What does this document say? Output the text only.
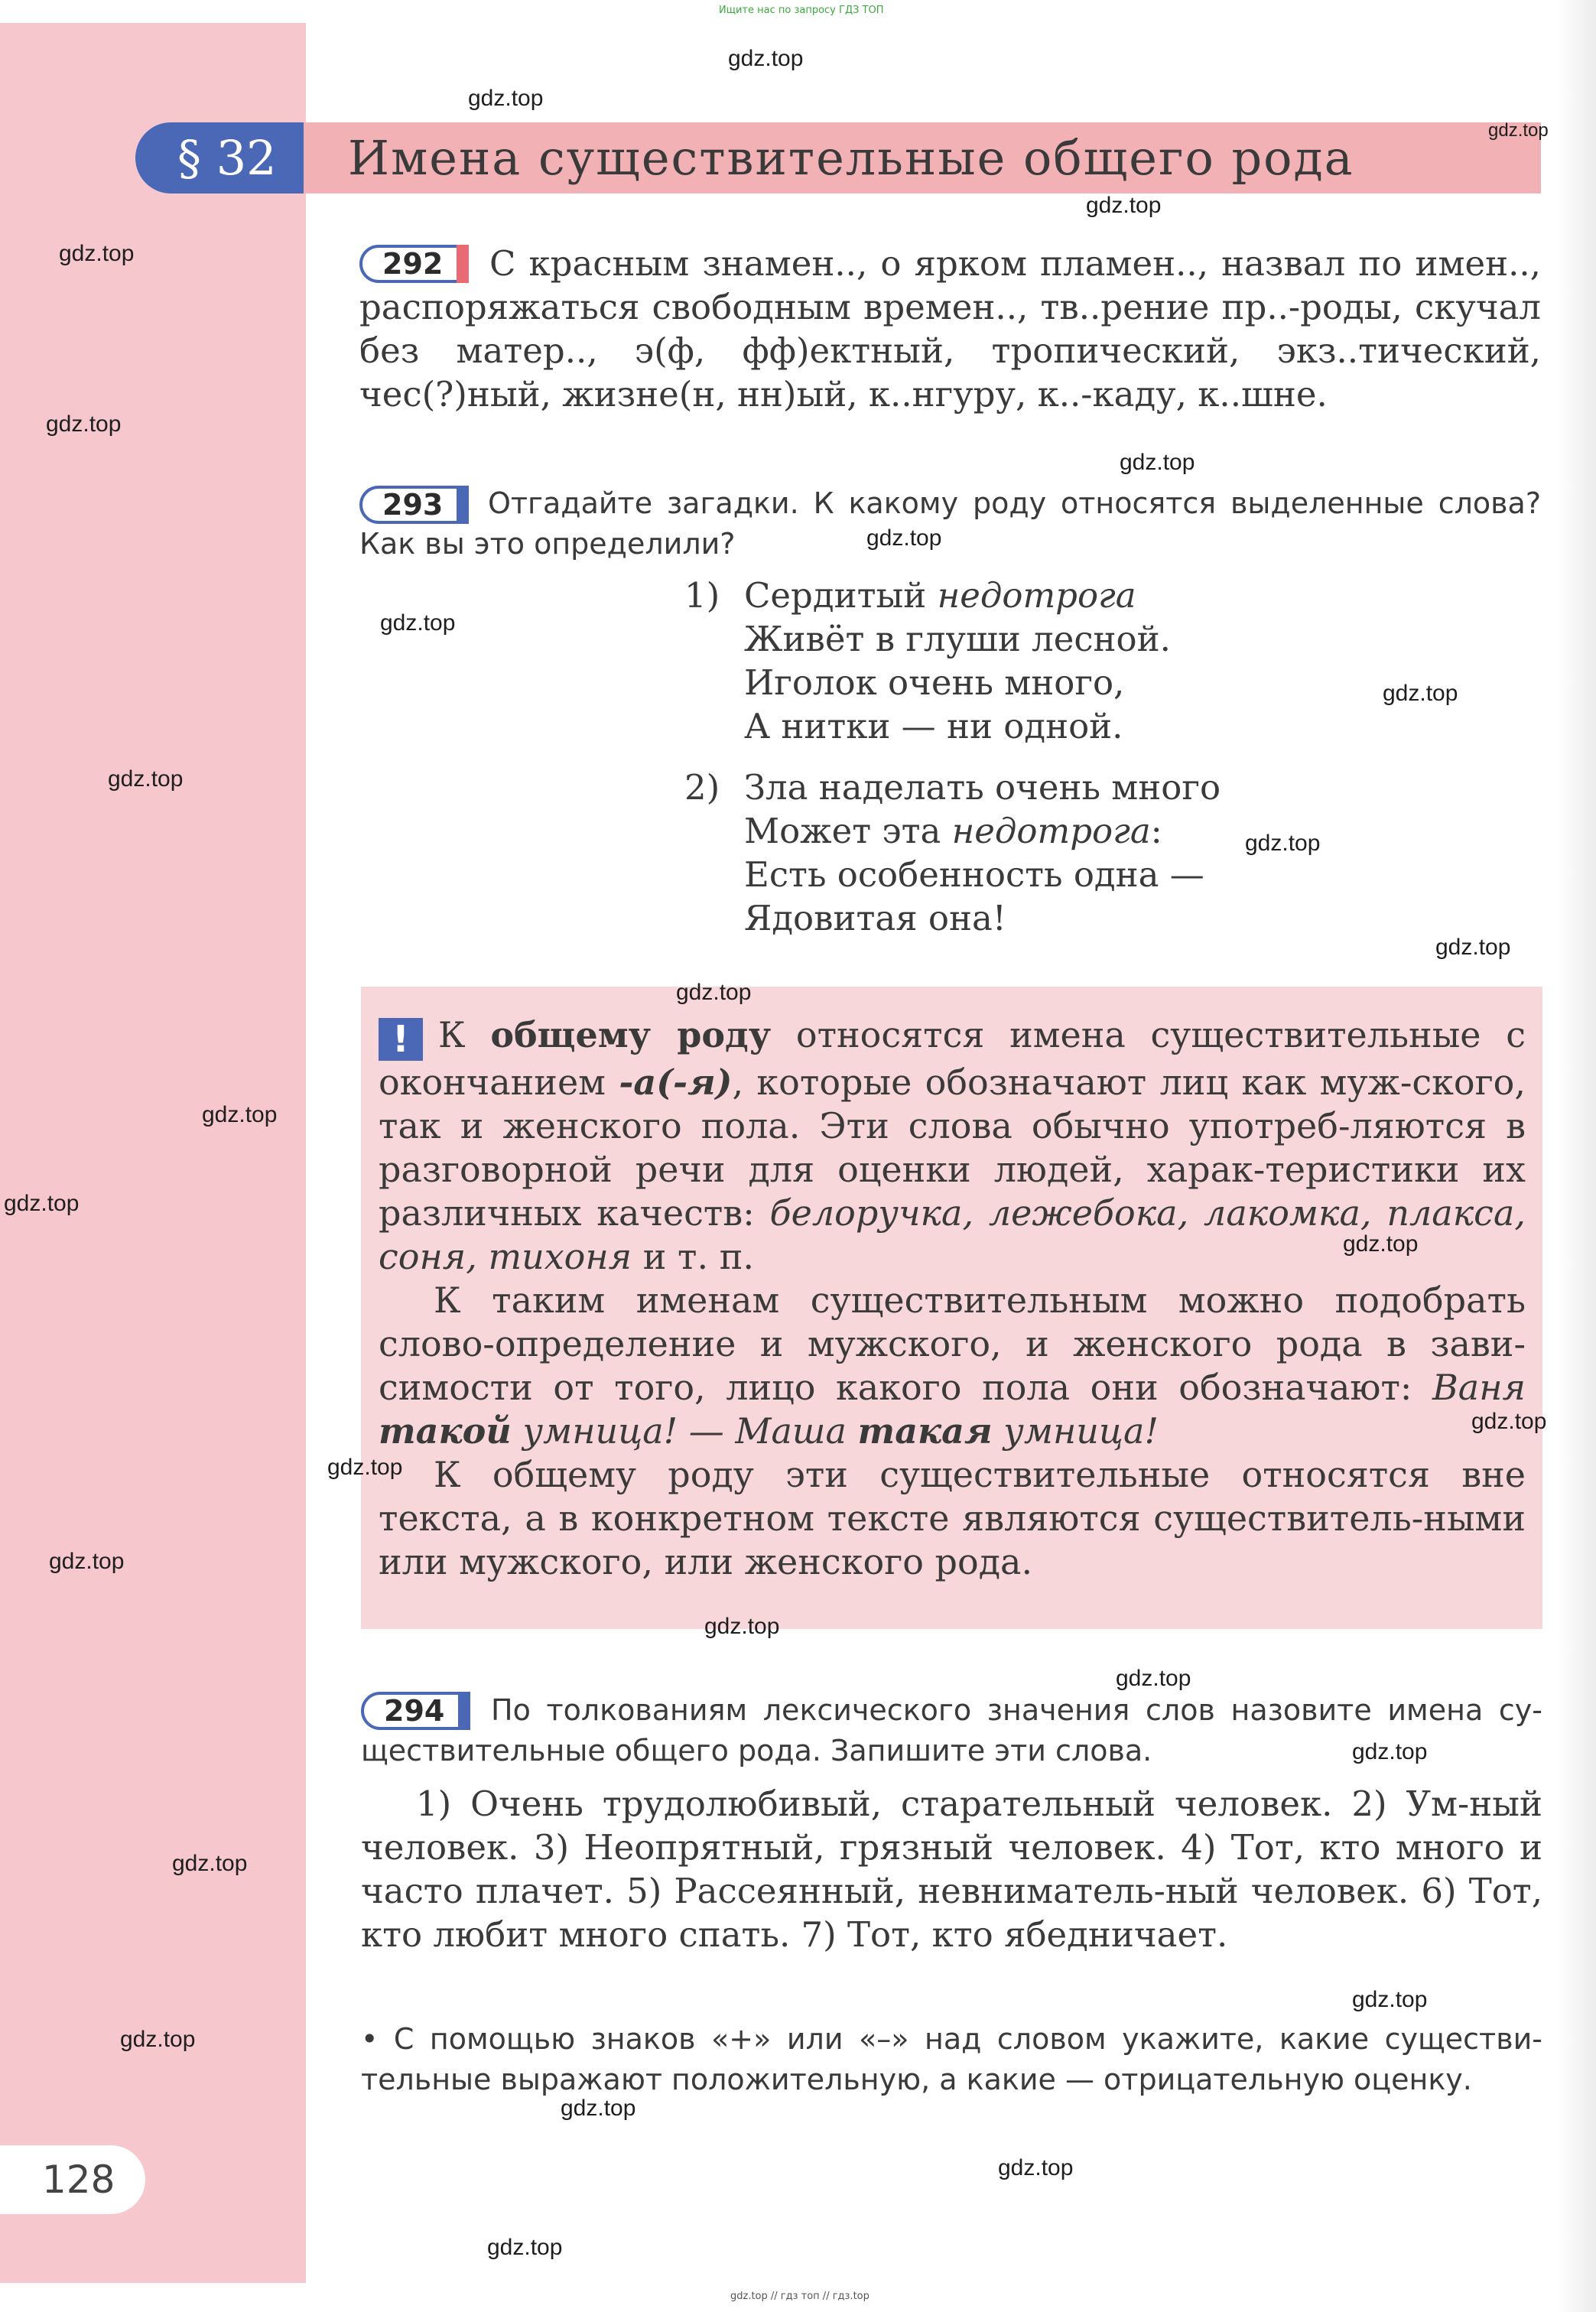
Ищите нас по запросу ГДЗ ТОП
§ 32	Имена существительные общего рода
292	С красным знамен.., о ярком пламен.., назвал по имен.., распоряжаться свободным времен.., тв..рение пр..-роды, скучал без матер.., э(ф, фф)ектный, тропический, экз..тический, чес(?)ный, жизне(н, нн)ый, к..нгуру, к..-каду, к..шне.
293	Отгадайте загадки. К какому роду относятся выделенные слова? Как вы это определили?
1) Сердитый недотрога
Живёт в глуши лесной.
Иголок очень много,
А нитки — ни одной.
2) Зла наделать очень много
Может эта недотрога:
Есть особенность одна —
Ядовитая она!

! К общему роду относятся имена существительные с окончанием -а(-я), которые обозначают лиц как муж-ского, так и женского пола. Эти слова обычно употреб-ляются в разговорной речи для оценки людей, харак-теристики их различных качеств: белоручка, лежебока, лакомка, плакса, соня, тихоня и т. п.

К таким именам существительным можно подобрать слово-определение и мужского, и женского рода в зави-симости от того, лицо какого пола они обозначают: Ваня такой умница! — Маша такая умница!

К общему роду эти существительные относятся вне текста, а в конкретном тексте являются существитель-ными или мужского, или женского рода.

294	По толкованиям лексического значения слов назовите имена су-ществительные общего рода. Запишите эти слова.
1) Очень трудолюбивый, старательный человек. 2) Ум-ный человек. 3) Неопрятный, грязный человек. 4) Тот, кто много и часто плачет. 5) Рассеянный, невниматель-ный человек. 6) Тот, кто любит много спать. 7) Тот, кто ябедничает.
• С помощью знаков «+» или «–» над словом укажите, какие существи-тельные выражают положительную, а какие — отрицательную оценку.
128
gdz.top // гдз топ // гдз.top
gdz.top
gdz.top
gdz.top
gdz.top
gdz.top
gdz.top
gdz.top
gdz.top
gdz.top
gdz.top
gdz.top
gdz.top
gdz.top
gdz.top
gdz.top
gdz.top
gdz.top
gdz.top
gdz.top
gdz.top
gdz.top
gdz.top
gdz.top
gdz.top
gdz.top
gdz.top
gdz.top
gdz.top
gdz.top
